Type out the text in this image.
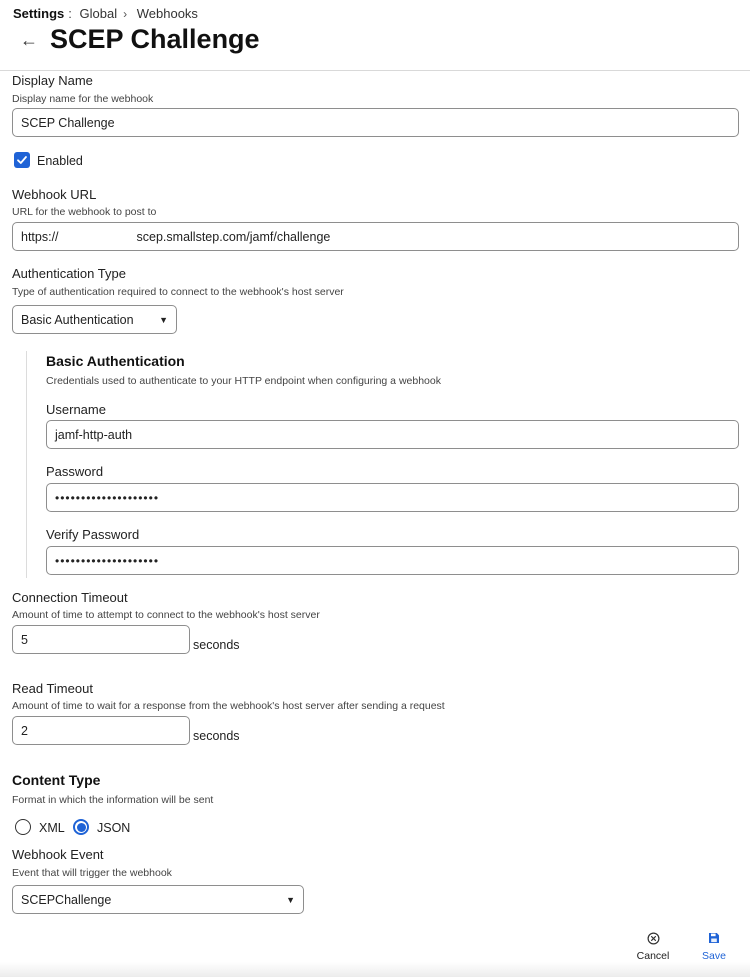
Settings : Global › Webhooks
← SCEP Challenge
Display Name
Display name for the webhook
SCEP Challenge
Enabled
Webhook URL
URL for the webhook to post to
https://	scep.smallstep.com/jamf/challenge
Authentication Type
Type of authentication required to connect to the webhook's host server
Basic Authentication	▼
Basic Authentication
Credentials used to authenticate to your HTTP endpoint when configuring a webhook
Username
jamf-http-auth
Password
••••••••••••••••••••
Verify Password
••••••••••••••••••••
Connection Timeout
Amount of time to attempt to connect to the webhook's host server
5	seconds
Read Timeout
Amount of time to wait for a response from the webhook's host server after sending a request
2	seconds
Content Type
Format in which the information will be sent
XML	JSON
Webhook Event
Event that will trigger the webhook
SCEPChallenge	▼
Cancel	Save
